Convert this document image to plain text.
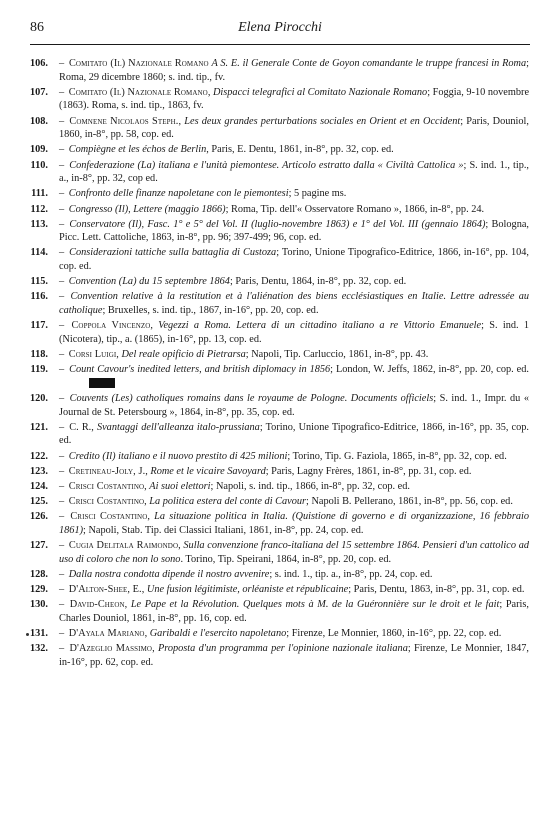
86	Elena Pirocchi
106. – Comitato (Il) Nazionale Romano A S. E. il Generale Conte de Goyon comandante le truppe francesi in Roma; Roma, 29 dicembre 1860; s. ind. tip., fv.
107. – Comitato (Il) Nazionale Romano, Dispacci telegrafici al Comitato Nazionale Romano; Foggia, 9-10 novembre (1863). Roma, s. ind. tip., 1863, fv.
108. – Comnene Nicolaos Steph., Les deux grandes perturbations sociales en Orient et en Occident; Paris, Douniol, 1860, in-8°, pp. 58, cop. ed.
109. – Compiègne et les échos de Berlin, Paris, E. Dentu, 1861, in-8°, pp. 32, cop. ed.
110. – Confederazione (La) italiana e l'unità piemontese. Articolo estratto dalla « Civiltà Cattolica »; S. ind. 1., tip., a., in-8°, pp. 32, cop ed.
111. – Confronto delle finanze napoletane con le piemontesi; 5 pagine ms.
112. – Congresso (Il), Lettere (maggio 1866); Roma, Tip. dell'« Osservatore Romano », 1866, in-8°, pp. 24.
113. – Conservatore (Il), Fasc. 1° e 5° del Vol. II (luglio-novembre 1863) e 1° del Vol. III (gennaio 1864); Bologna, Picc. Lett. Cattoliche, 1863, in-8°, pp. 96; 397-499; 96, cop. ed.
114. – Considerazioni tattiche sulla battaglia di Custoza; Torino, Unione Tipografico-Editrice, 1866, in-16°, pp. 104, cop. ed.
115. – Convention (La) du 15 septembre 1864; Paris, Dentu, 1864, in-8°, pp. 32, cop. ed.
116. – Convention relative à la restitution et à l'aliénation des biens ecclésiastiques en Italie. Lettre adressée au catholique; Bruxelles, s. ind. tip., 1867, in-16°, pp. 20, cop. ed.
117. – Coppola Vincenzo, Vegezzi a Roma. Lettera di un cittadino italiano a re Vittorio Emanuele; S. ind. 1 (Nicotera), tip., a. (1865), in-16°, pp. 13, cop. ed.
118. – Corsi Luigi, Del reale opificio di Pietrarsa; Napoli, Tip. Carluccio, 1861, in-8°, pp. 43.
119. – Count Cavour's inedited letters, and british diplomacy in 1856; London, W. Jeffs, 1862, in-8°, pp. 20, cop. ed.
120. – Couvents (Les) catholiques romains dans le royaume de Pologne. Documents officiels; S. ind. 1., Impr. du « Journal de St. Petersbourg », 1864, in-8°, pp. 35, cop. ed.
121. – C. R., Svantaggi dell'alleanza italo-prussiana; Torino, Unione Tipografico-Editrice, 1866, in-16°, pp. 35, cop. ed.
122. – Credito (Il) italiano e il nuovo prestito di 425 milioni; Torino, Tip. G. Faziola, 1865, in-8°, pp. 32, cop. ed.
123. – Cretineau-Joly, J., Rome et le vicaire Savoyard; Paris, Lagny Frères, 1861, in-8°, pp. 31, cop. ed.
124. – Crisci Costantino, Ai suoi elettori; Napoli, s. ind. tip., 1866, in-8°, pp. 32, cop. ed.
125. – Crisci Costantino, La politica estera del conte di Cavour; Napoli B. Pellerano, 1861, in-8°, pp. 56, cop. ed.
126. – Crisci Costantino, La situazione politica in Italia. (Quistione di governo e di organizzazione, 16 febbraio 1861); Napoli, Stab. Tip. dei Classici Italiani, 1861, in-8°, pp. 24, cop. ed.
127. – Cugia Delitala Raimondo, Sulla convenzione franco-italiana del 15 settembre 1864. Pensieri d'un cattolico ad uso di coloro che non lo sono. Torino, Tip. Speirani, 1864, in-8°, pp. 20, cop. ed.
128. – Dalla nostra condotta dipende il nostro avvenire; s. ind. 1., tip. a., in-8°, pp. 24, cop. ed.
129. – D'Alton-Shee, E., Une fusion légitimiste, orléaniste et républicaine; Paris, Dentu, 1863, in-8°, pp. 31, cop. ed.
130. – David-Cheon, Le Pape et la Révolution. Quelques mots à M. de la Guéronnière sur le droit et le fait; Paris, Charles Douniol, 1861, in-8°, pp. 16, cop. ed.
131. – D'Ayala Mariano, Garibaldi e l'esercito napoletano; Firenze, Le Monnier, 1860, in-16°, pp. 22, cop. ed.
132. – D'Azeglio Massimo, Proposta d'un programma per l'opinione nazionale italiana; Firenze, Le Monnier, 1847, in-16°, pp. 62, cop. ed.
